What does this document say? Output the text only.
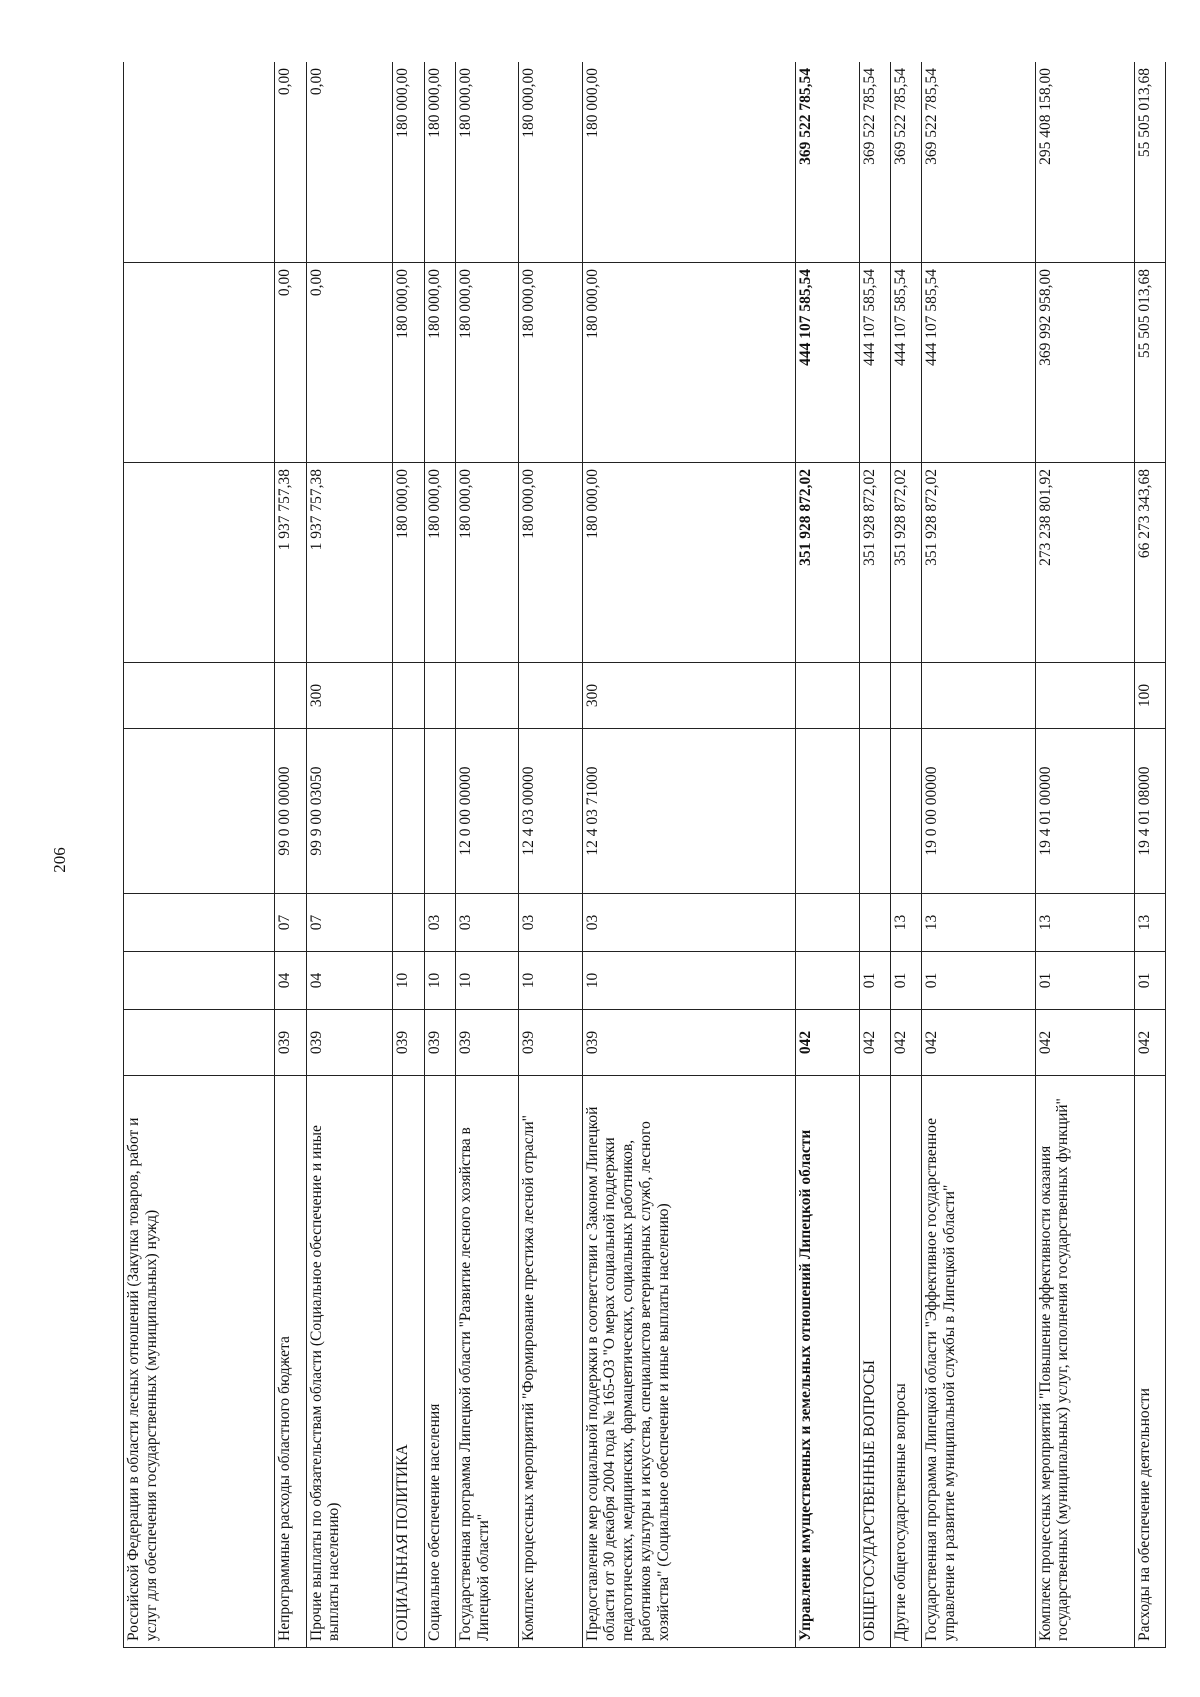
206
Российской Федерации в области лесных отношений (Закупка товаров, работ и услуг для обеспечения государственных (муниципальных) нужд)								
Непрограммные расходы областного бюджета	039	04	07	99 0 00 00000		1 937 757,38	0,00	0,00
Прочие выплаты по обязательствам области (Социальное обеспечение и иные выплаты населению)	039	04	07	99 9 00 03050	300	1 937 757,38	0,00	0,00
СОЦИАЛЬНАЯ ПОЛИТИКА	039	10				180 000,00	180 000,00	180 000,00
Социальное обеспечение населения	039	10	03			180 000,00	180 000,00	180 000,00
Государственная программа Липецкой области "Развитие лесного хозяйства в Липецкой области"	039	10	03	12 0 00 00000		180 000,00	180 000,00	180 000,00
Комплекс процессных мероприятий "Формирование престижа лесной отрасли"	039	10	03	12 4 03 00000		180 000,00	180 000,00	180 000,00
Предоставление мер социальной поддержки в соответствии с Законом Липецкой области от 30 декабря 2004 года № 165-ОЗ "О мерах социальной поддержки педагогических, медицинских, фармацевтических, социальных работников, работников культуры и искусства, специалистов ветеринарных служб, лесного хозяйства" (Социальное обеспечение и иные выплаты населению)	039	10	03	12 4 03 71000	300	180 000,00	180 000,00	180 000,00
Управление имущественных и земельных отношений Липецкой области	042					351 928 872,02	444 107 585,54	369 522 785,54
ОБЩЕГОСУДАРСТВЕННЫЕ ВОПРОСЫ	042	01				351 928 872,02	444 107 585,54	369 522 785,54
Другие общегосударственные вопросы	042	01	13			351 928 872,02	444 107 585,54	369 522 785,54
Государственная программа Липецкой области "Эффективное государственное управление и развитие муниципальной службы в Липецкой области"	042	01	13	19 0 00 00000		351 928 872,02	444 107 585,54	369 522 785,54
Комплекс процессных мероприятий "Повышение эффективности оказания государственных (муниципальных) услуг, исполнения государственных функций"	042	01	13	19 4 01 00000		273 238 801,92	369 992 958,00	295 408 158,00
Расходы на обеспечение деятельности	042	01	13	19 4 01 08000	100	66 273 343,68	55 505 013,68	55 505 013,68
